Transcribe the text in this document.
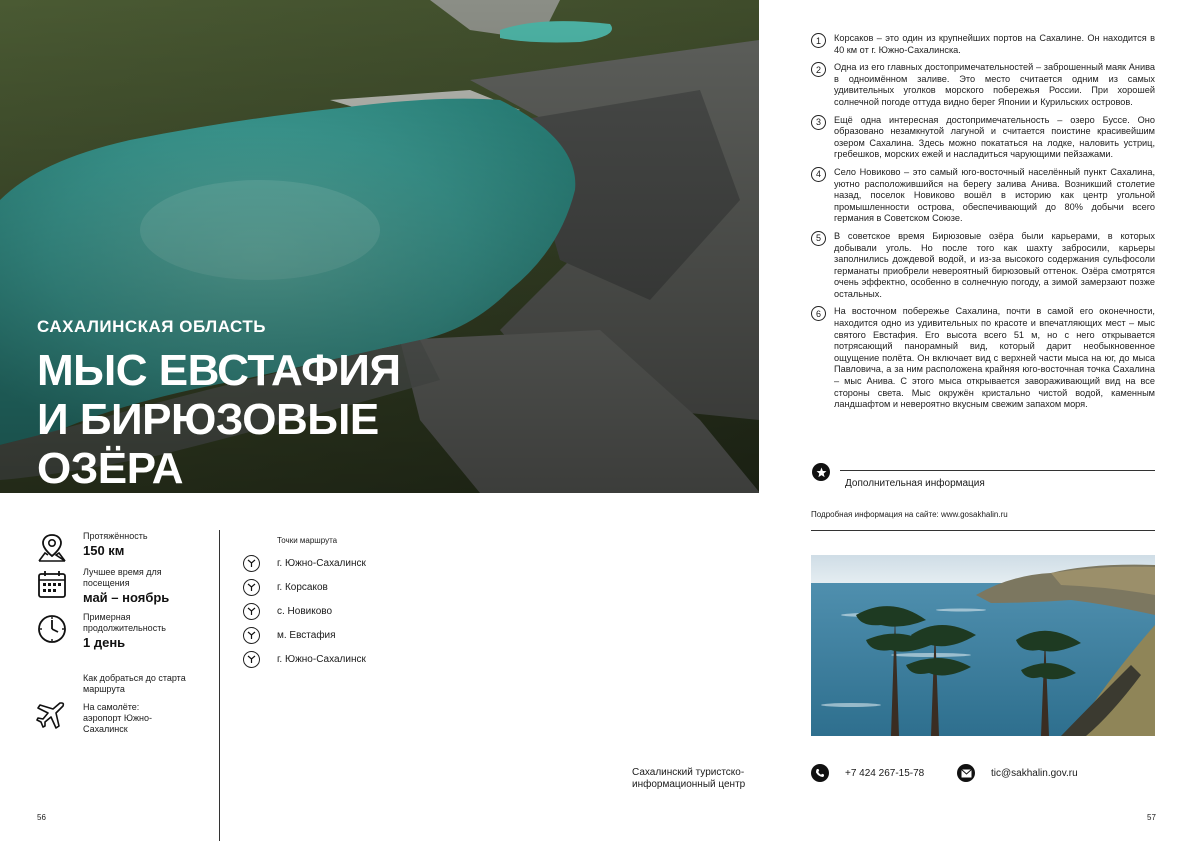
САХАЛИНСКАЯ ОБЛАСТЬ
МЫС ЕВСТАФИЯ
И БИРЮЗОВЫЕ
ОЗЁРА
Протяжённость
150 км
Лучшее время для посещения
май – ноябрь
Примерная продолжительность
1 день
Как добраться до старта маршрута
На самолёте: аэропорт Южно-Сахалинск
Точки маршрута
г. Южно-Сахалинск
г. Корсаков
с. Новиково
м. Евстафия
г. Южно-Сахалинск
56
1	Корсаков – это один из крупнейших портов на Сахалине. Он находится в 40 км от г. Южно-Сахалинска.
2	Одна из его главных достопримечательностей – заброшенный маяк Анива в одноимённом заливе. Это место считается одним из самых удивительных уголков морского побережья России. При хорошей солнечной погоде оттуда видно берег Японии и Курильских островов.
3	Ещё одна интересная достопримечательность – озеро Буссе. Оно образовано незамкнутой лагуной и считается поистине красивейшим озером Сахалина. Здесь можно покататься на лодке, наловить устриц, гребешков, морских ежей и насладиться чарующими пейзажами.
4	Село Новиково – это самый юго-восточный населённый пункт Сахалина, уютно расположившийся на берегу залива Анива. Возникший столетие назад, поселок Новиково вошёл в историю как центр угольной промышленности острова, обеспечивающий до 80% добычи всего германия в Советском Союзе.
5	В советское время Бирюзовые озёра были карьерами, в которых добывали уголь. Но после того как шахту забросили, карьеры заполнились дождевой водой, и из-за высокого содержания сульфосоли германаты приобрели невероятный бирюзовый оттенок. Озёра смотрятся очень эффектно, особенно в солнечную погоду, а зимой замерзают позже остальных.
6	На восточном побережье Сахалина, почти в самой его оконечности, находится одно из удивительных по красоте и впечатляющих мест – мыс святого Евстафия. Его высота всего 51 м, но с него открывается потрясающий панорамный вид, который дарит необыкновенное ощущение полёта. Он включает вид с верхней части мыса на юг, до мыса Павловича, а за ним расположена крайняя юго-восточная точка Сахалина – мыс Анива. С этого мыса открывается завораживающий вид на все стороны света. Мыс окружён кристально чистой водой, каменным ландшафтом и невероятно вкусным свежим запахом моря.
Дополнительная информация
Подробная информация на сайте: www.gosakhalin.ru
Сахалинский туристско-информационный центр
+7 424 267-15-78	tic@sakhalin.gov.ru
57
